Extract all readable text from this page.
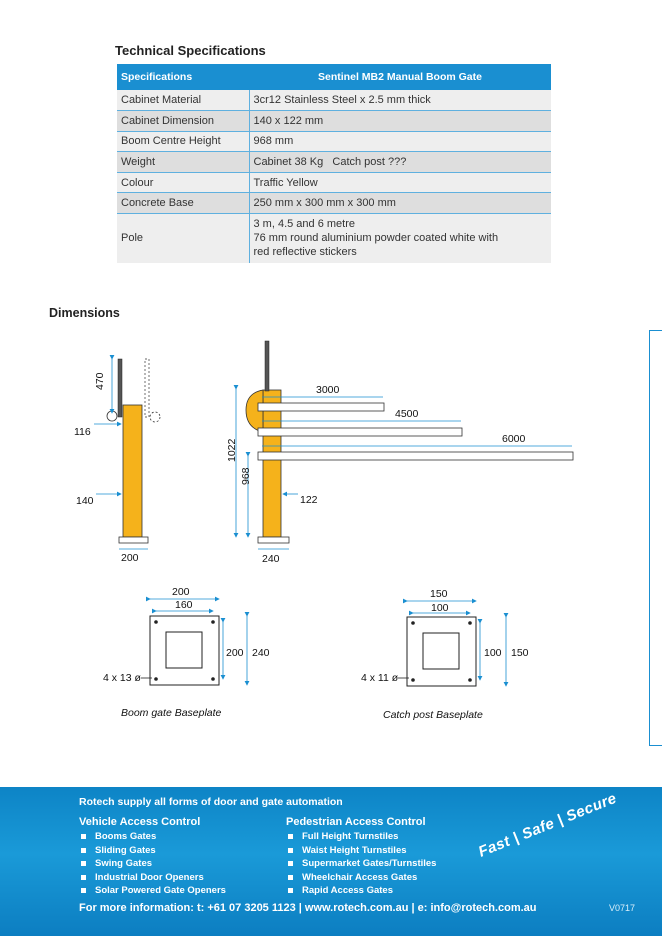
Technical Specifications
Specifications	Sentinel MB2 Manual Boom Gate
Cabinet Material	3cr12 Stainless Steel x 2.5 mm thick
Cabinet Dimension	140 x 122 mm
Boom Centre Height	968 mm
Weight	Cabinet 38 Kg   Catch post ???
Colour	Traffic Yellow
Concrete Base	250 mm x 300 mm x 300 mm
Pole	3 m, 4.5 and 6 metre
76 mm round aluminium powder coated white with
red reflective stickers
Dimensions
470
116
140
200
3000
4500
6000
1022
968
122
240
200
160
200 240
4 x 13 ø
Boom gate Baseplate
150
100
100 150
4 x 11 ø
Catch post Baseplate
Rotech supply all forms of door and gate automation
Vehicle Access Control
Booms Gates
Sliding Gates
Swing Gates
Industrial Door Openers
Solar Powered Gate Openers
Pedestrian Access Control
Full Height Turnstiles
Waist Height Turnstiles
Supermarket Gates/Turnstiles
Wheelchair Access Gates
Rapid Access Gates
Fast | Safe | Secure
For more information: t: +61 07 3205 1123 | www.rotech.com.au | e: info@rotech.com.au	V0717
